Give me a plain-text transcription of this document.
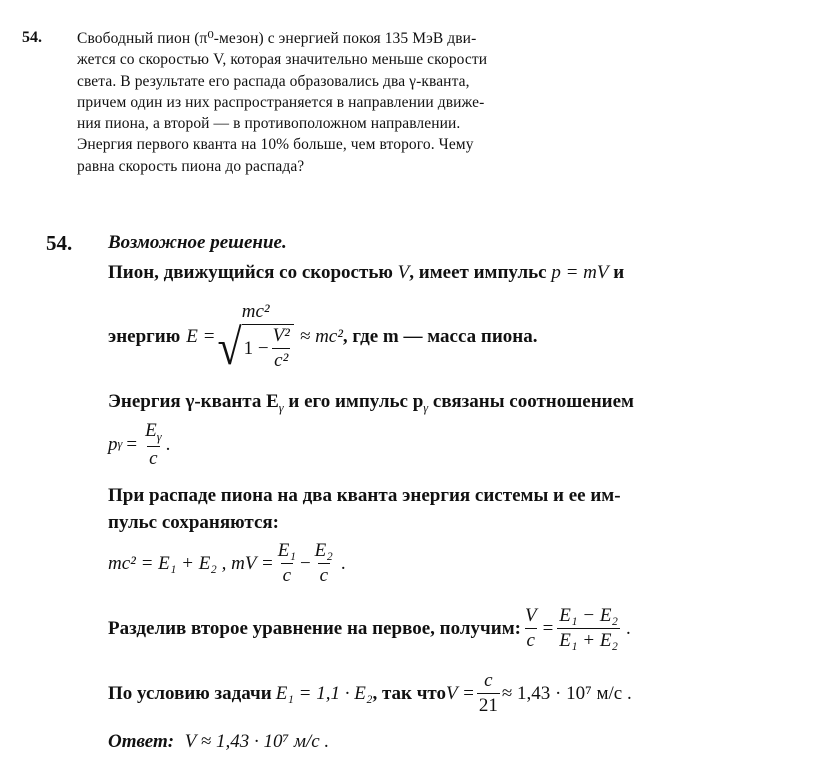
54. Свободный пион (π⁰-мезон) с энергией покоя 135 МэВ дви-
жется со скоростью V, которая значительно меньше скорости
света. В результате его распада образовались два γ-кванта,
причем один из них распространяется в направлении движе-
ния пиона, а второй — в противоположном направлении.
Энергия первого кванта на 10% больше, чем второго. Чему
равна скорость пиона до распада?
54. Возможное решение.
Пион, движущийся со скоростью V, имеет импульс p = mV и
энергию E =
mc²
√ $1 - \frac{\text{V²}}{\text{c²}} \approx mc^2$ , где m — масса пиона.
Энергия γ-кванта $E_\gamma$ и его импульс $p_\gamma$ связаны соотношением
p $\gamma = \frac{E_\gamma}{c}$ .
При распаде пиона на два кванта энергия системы и ее им-
пульс сохраняются:
mc² = E₁ + E₂ , mV = $\frac{\text{E₁}}{c} - \frac{\text{E₂}}{c}$ .
Разделив второе уравнение на первое, получим: $\frac{V}{c} = \frac{\text{E₁ − E₂}}{\text{E₁ + E₂}}$ .
По условию задачи E₁ = 1,1 · E₂ , так что $V = \frac{c}{21} \approx 1,43 \cdot 10^7$ м/с .
Ответ: V ≈ 1,43 · 10⁷ м/с .
